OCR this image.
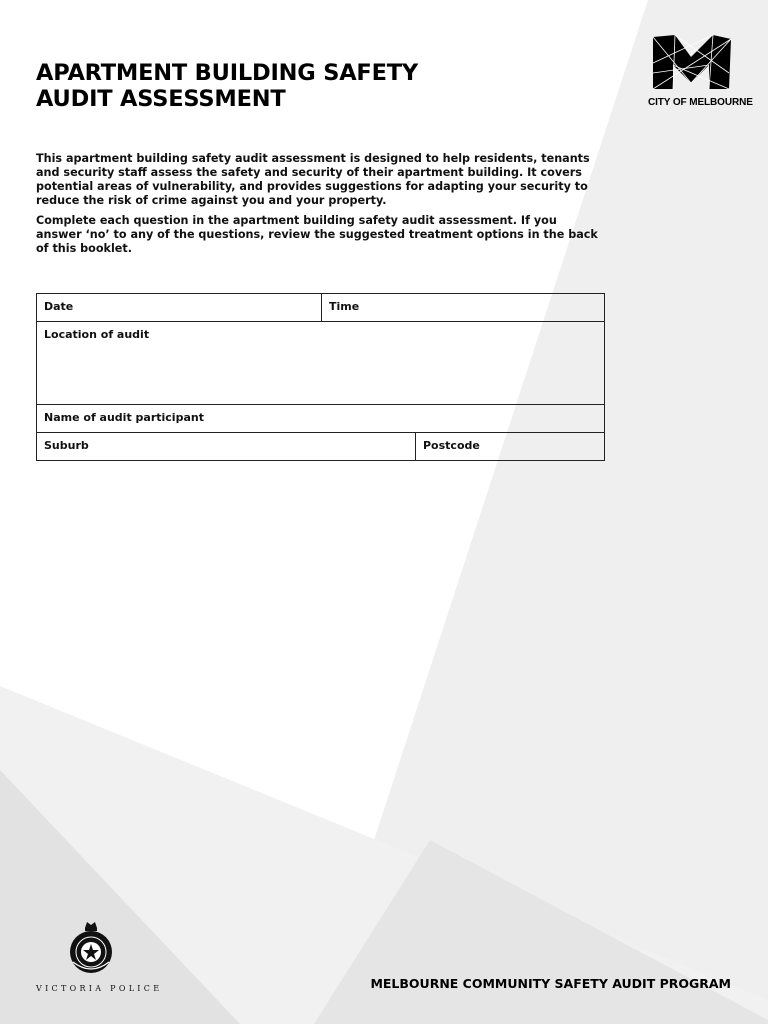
APARTMENT BUILDING SAFETY
AUDIT ASSESSMENT	CITY OF MELBOURNE

This apartment building safety audit assessment is designed to help residents, tenants and security staff assess the safety and security of their apartment building. It covers potential areas of vulnerability, and provides suggestions for adapting your security to reduce the risk of crime against you and your property.

Complete each question in the apartment building safety audit assessment. If you answer ‘no’ to any of the questions, review the suggested treatment options in the back of this booklet.

Date	Time
Location of audit
Name of audit participant
Suburb	Postcode
VICTORIA POLICE	MELBOURNE COMMUNITY SAFETY AUDIT PROGRAM
